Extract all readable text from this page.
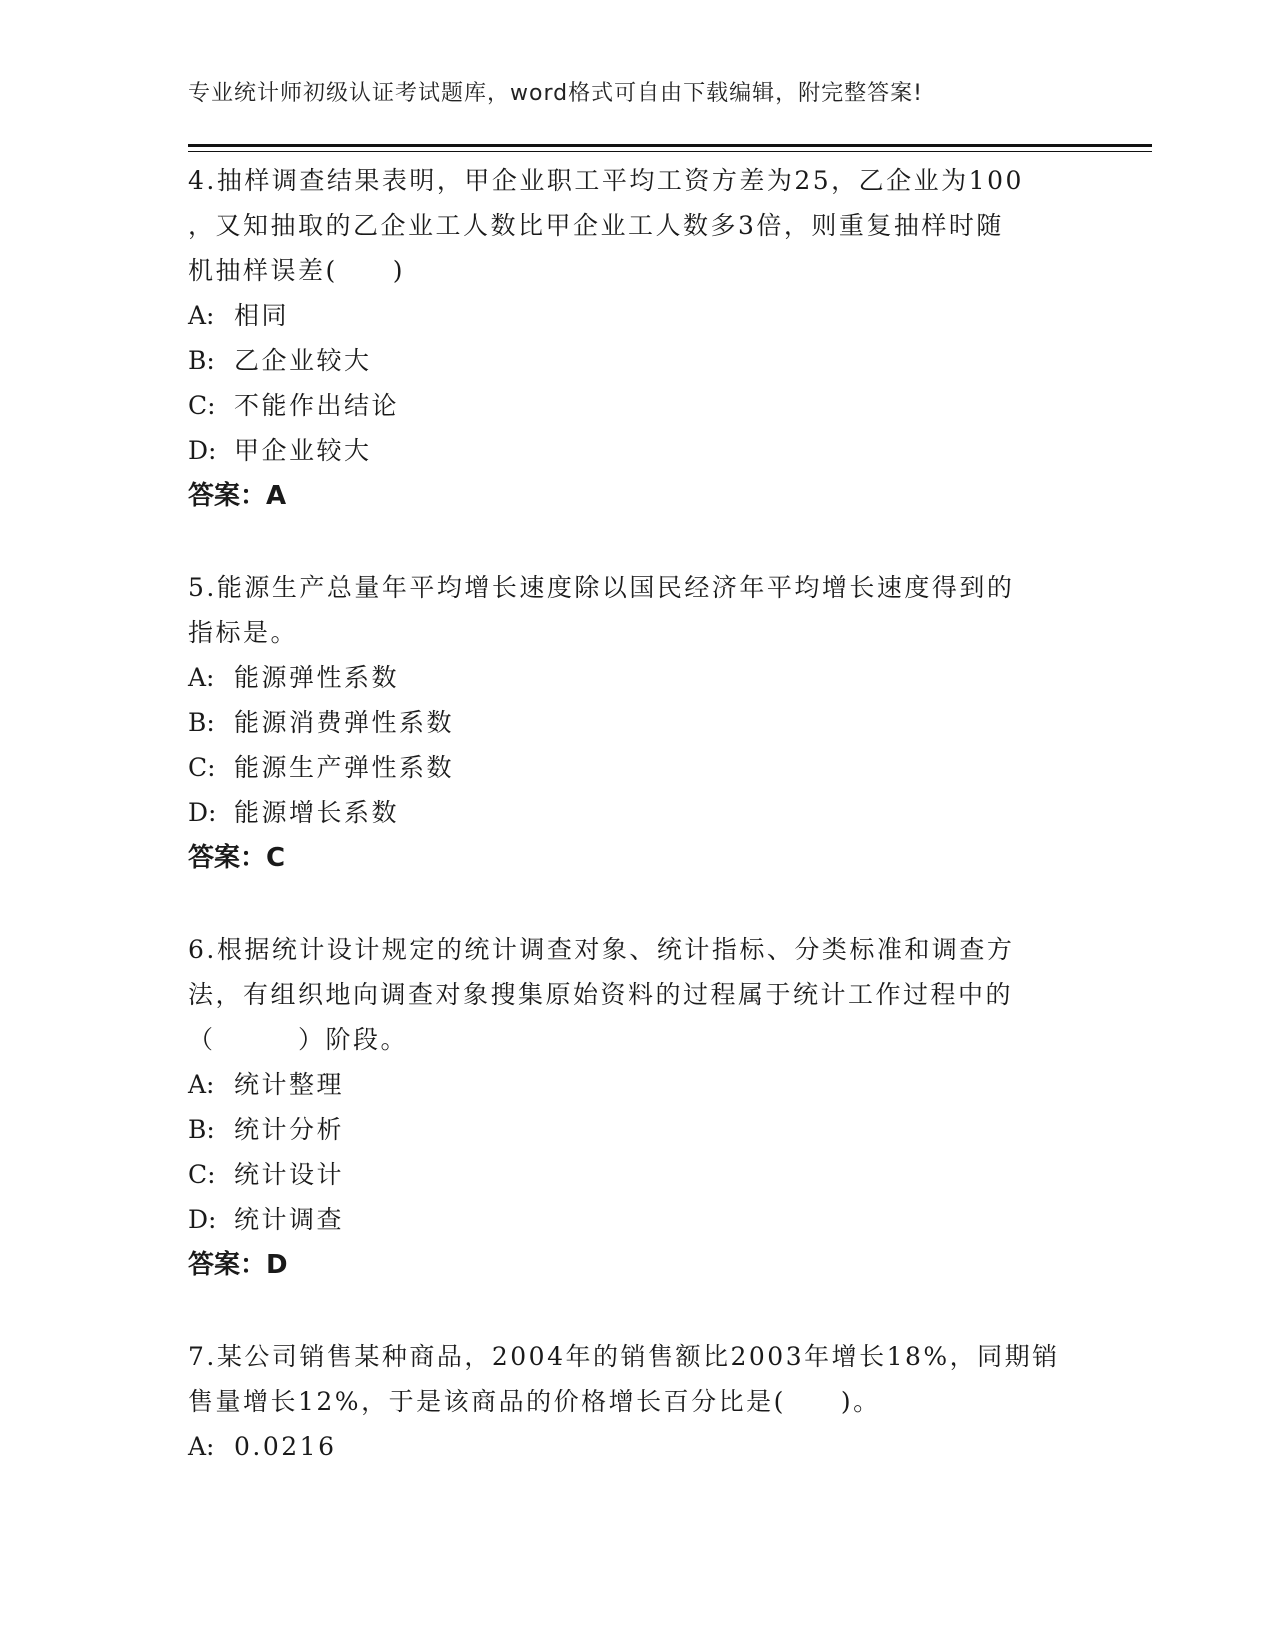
专业统计师初级认证考试题库，word格式可自由下载编辑，附完整答案!

4.抽样调查结果表明，甲企业职工平均工资方差为25，乙企业为100

，又知抽取的乙企业工人数比甲企业工人数多3倍，则重复抽样时随

机抽样误差(　　)

A: 相同

B: 乙企业较大

C: 不能作出结论

D: 甲企业较大

答案：A

5.能源生产总量年平均增长速度除以国民经济年平均增长速度得到的

指标是。

A: 能源弹性系数

B: 能源消费弹性系数

C: 能源生产弹性系数

D: 能源增长系数

答案：C

6.根据统计设计规定的统计调查对象、统计指标、分类标准和调查方

法，有组织地向调查对象搜集原始资料的过程属于统计工作过程中的

（　　　）阶段。

A: 统计整理

B: 统计分析

C: 统计设计

D: 统计调查

答案：D

7.某公司销售某种商品，2004年的销售额比2003年增长18%，同期销

售量增长12%，于是该商品的价格增长百分比是(　　)。

A: 0.0216
